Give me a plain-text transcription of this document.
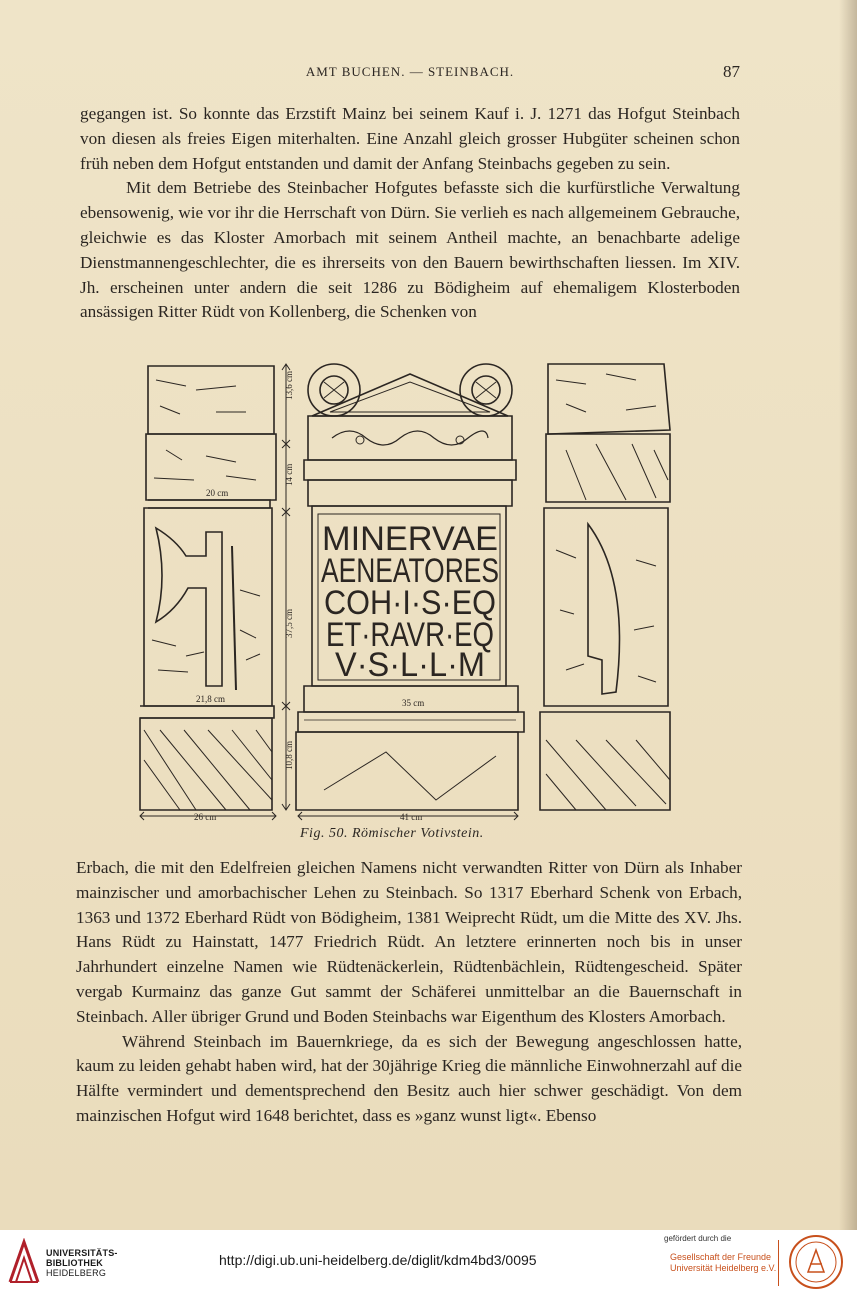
AMT BUCHEN. — STEINBACH.	87

gegangen ist. So konnte das Erzstift Mainz bei seinem Kauf i. J. 1271 das Hofgut Steinbach von diesen als freies Eigen miterhalten. Eine Anzahl gleich grosser Hubgüter scheinen schon früh neben dem Hofgut entstanden und damit der Anfang Steinbachs gegeben zu sein.

Mit dem Betriebe des Steinbacher Hofgutes befasste sich die kurfürstliche Verwaltung ebensowenig, wie vor ihr die Herrschaft von Dürn. Sie verlieh es nach allgemeinem Gebrauche, gleichwie es das Kloster Amorbach mit seinem Antheil machte, an benachbarte adelige Dienstmannengeschlechter, die es ihrerseits von den Bauern bewirthschaften liessen. Im XIV. Jh. erscheinen unter andern die seit 1286 zu Bödigheim auf ehemaligem Klosterboden ansässigen Ritter Rüdt von Kollenberg, die Schenken von

20 cm
21,8 cm
13,6 cm
14 cm
37,5 cm
10,8 cm
MINERVAE
AENEATORES
COH·I·S·EQ
ET·RAVR·EQ
V·S·L·L·M
35 cm
26 cm	41 cm
Fig. 50. Römischer Votivstein.

Erbach, die mit den Edelfreien gleichen Namens nicht verwandten Ritter von Dürn als Inhaber mainzischer und amorbachischer Lehen zu Steinbach. So 1317 Eberhard Schenk von Erbach, 1363 und 1372 Eberhard Rüdt von Bödigheim, 1381 Weiprecht Rüdt, um die Mitte des XV. Jhs. Hans Rüdt zu Hainstatt, 1477 Friedrich Rüdt. An letztere erinnerten noch bis in unser Jahrhundert einzelne Namen wie Rüdtenäckerlein, Rüdtenbächlein, Rüdtengescheid. Später vergab Kurmainz das ganze Gut sammt der Schäferei unmittelbar an die Bauernschaft in Steinbach. Aller übriger Grund und Boden Steinbachs war Eigenthum des Klosters Amorbach.

Während Steinbach im Bauernkriege, da es sich der Bewegung angeschlossen hatte, kaum zu leiden gehabt haben wird, hat der 30jährige Krieg die männliche Einwohnerzahl auf die Hälfte vermindert und dementsprechend den Besitz auch hier schwer geschädigt. Von dem mainzischen Hofgut wird 1648 berichtet, dass es »ganz wunst ligt«. Ebenso

UNIVERSITÄTS-
BIBLIOTHEK
HEIDELBERG
http://digi.ub.uni-heidelberg.de/diglit/kdm4bd3/0095
gefördert durch die
Gesellschaft der Freunde
Universität Heidelberg e.V.
